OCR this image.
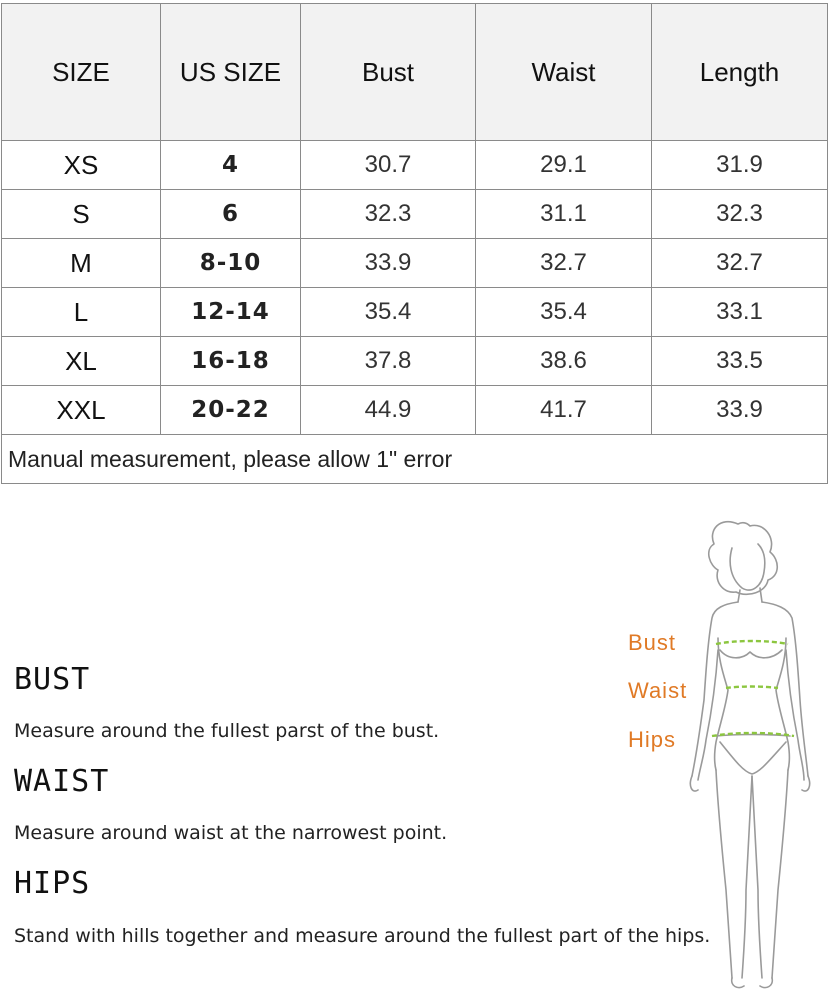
SIZE	US SIZE	Bust	Waist	Length
XS	4	30.7	29.1	31.9
S	6	32.3	31.1	32.3
M	8-10	33.9	32.7	32.7
L	12-14	35.4	35.4	33.1
XL	16-18	37.8	38.6	33.5
XXL	20-22	44.9	41.7	33.9
Manual measurement, please allow 1" error				
BUST
Measure around the fullest parst of the bust.
WAIST
Measure around waist at the narrowest point.
HIPS
Stand with hills together and measure around the fullest part of the hips.
Bust
Waist
Hips
